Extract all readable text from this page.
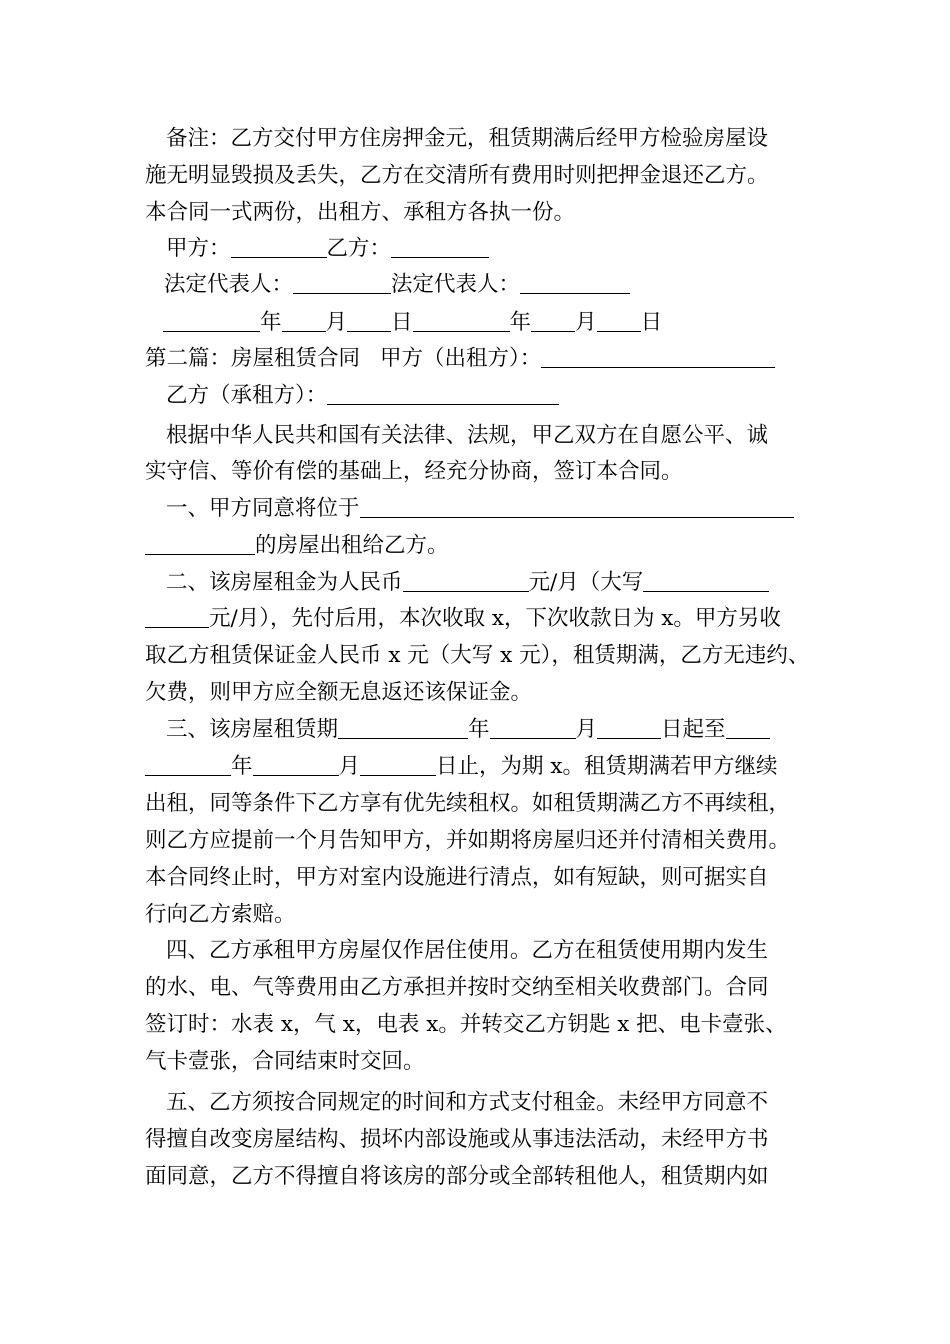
备注：乙方交付甲方住房押金元，租赁期满后经甲方检验房屋设
施无明显毁损及丢失，乙方在交清所有费用时则把押金退还乙方。
本合同一式两份，出租方、承租方各执一份。
甲方：	乙方：
法定代表人：	法定代表人：
年 月 日	年 月 日
第二篇：房屋租赁合同 甲方（出租方）：
乙方（承租方）：
根据中华人民共和国有关法律、法规，甲乙双方在自愿公平、诚
实守信、等价有偿的基础上，经充分协商，签订本合同。
一、甲方同意将位于
的房屋出租给乙方。
二、该房屋租金为人民币	元/月（大写
元/月），先付后用，本次收取 x，下次收款日为 x。甲方另收
取乙方租赁保证金人民币 x 元（大写 x 元），租赁期满，乙方无违约、
欠费，则甲方应全额无息返还该保证金。
三、该房屋租赁期	年	月	日起至
年	月	日止，为期 x。租赁期满若甲方继续
出租，同等条件下乙方享有优先续租权。如租赁期满乙方不再续租，
则乙方应提前一个月告知甲方，并如期将房屋归还并付清相关费用。
本合同终止时，甲方对室内设施进行清点，如有短缺，则可据实自
行向乙方索赔。
四、乙方承租甲方房屋仅作居住使用。乙方在租赁使用期内发生
的水、电、气等费用由乙方承担并按时交纳至相关收费部门。合同
签订时：水表 x，气 x，电表 x。并转交乙方钥匙 x 把、电卡壹张、
气卡壹张，合同结束时交回。
五、乙方须按合同规定的时间和方式支付租金。未经甲方同意不
得擅自改变房屋结构、损坏内部设施或从事违法活动，未经甲方书
面同意，乙方不得擅自将该房的部分或全部转租他人，租赁期内如
